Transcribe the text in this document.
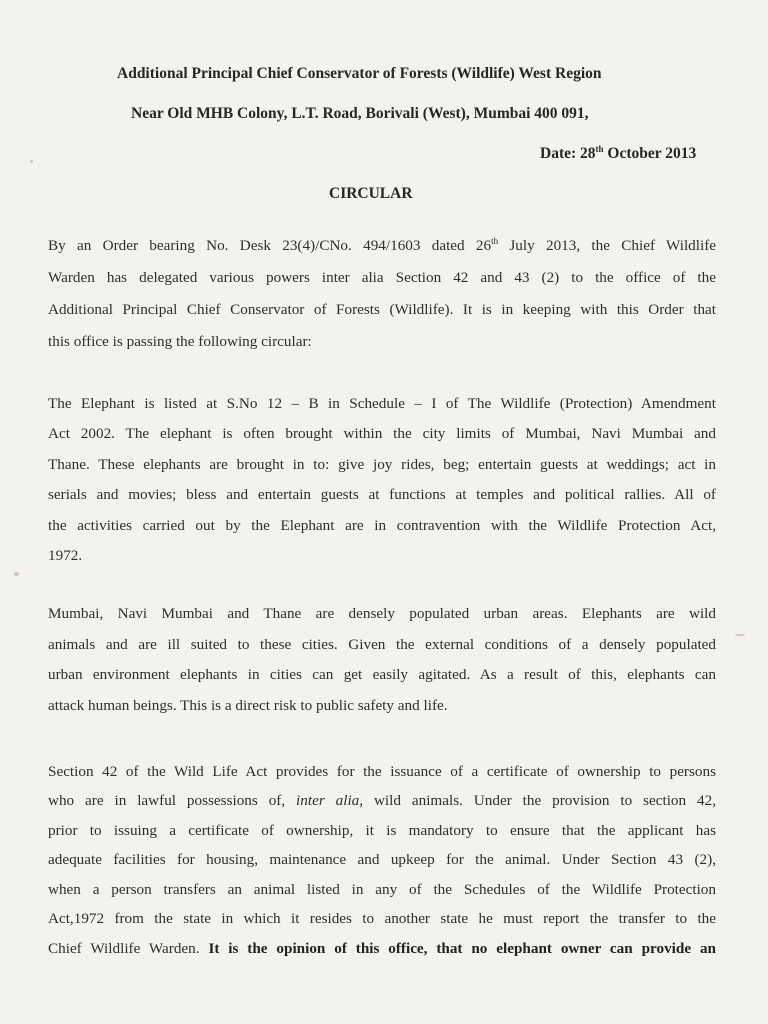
Additional Principal Chief Conservator of Forests (Wildlife) West Region
Near Old MHB Colony, L.T. Road, Borivali (West), Mumbai 400 091,
Date: 28th October 2013
CIRCULAR
By an Order bearing No. Desk 23(4)/CNo. 494/1603 dated 26th July 2013, the Chief Wildlife
Warden has delegated various powers inter alia Section 42 and 43 (2) to the office of the
Additional Principal Chief Conservator of Forests (Wildlife). It is in keeping with this Order that
this office is passing the following circular:
The Elephant is listed at S.No 12 – B in Schedule – I of The Wildlife (Protection) Amendment
Act 2002. The elephant is often brought within the city limits of Mumbai, Navi Mumbai and
Thane. These elephants are brought in to: give joy rides, beg; entertain guests at weddings; act in
serials and movies; bless and entertain guests at functions at temples and political rallies. All of
the activities carried out by the Elephant are in contravention with the Wildlife Protection Act,
1972.
Mumbai, Navi Mumbai and Thane are densely populated urban areas. Elephants are wild
animals and are ill suited to these cities. Given the external conditions of a densely populated
urban environment elephants in cities can get easily agitated. As a result of this, elephants can
attack human beings. This is a direct risk to public safety and life.
Section 42 of the Wild Life Act provides for the issuance of a certificate of ownership to persons
who are in lawful possessions of, inter alia, wild animals. Under the provision to section 42,
prior to issuing a certificate of ownership, it is mandatory to ensure that the applicant has
adequate facilities for housing, maintenance and upkeep for the animal. Under Section 43 (2),
when a person transfers an animal listed in any of the Schedules of the Wildlife Protection
Act,1972 from the state in which it resides to another state he must report the transfer to the
Chief Wildlife Warden. It is the opinion of this office, that no elephant owner can provide an
